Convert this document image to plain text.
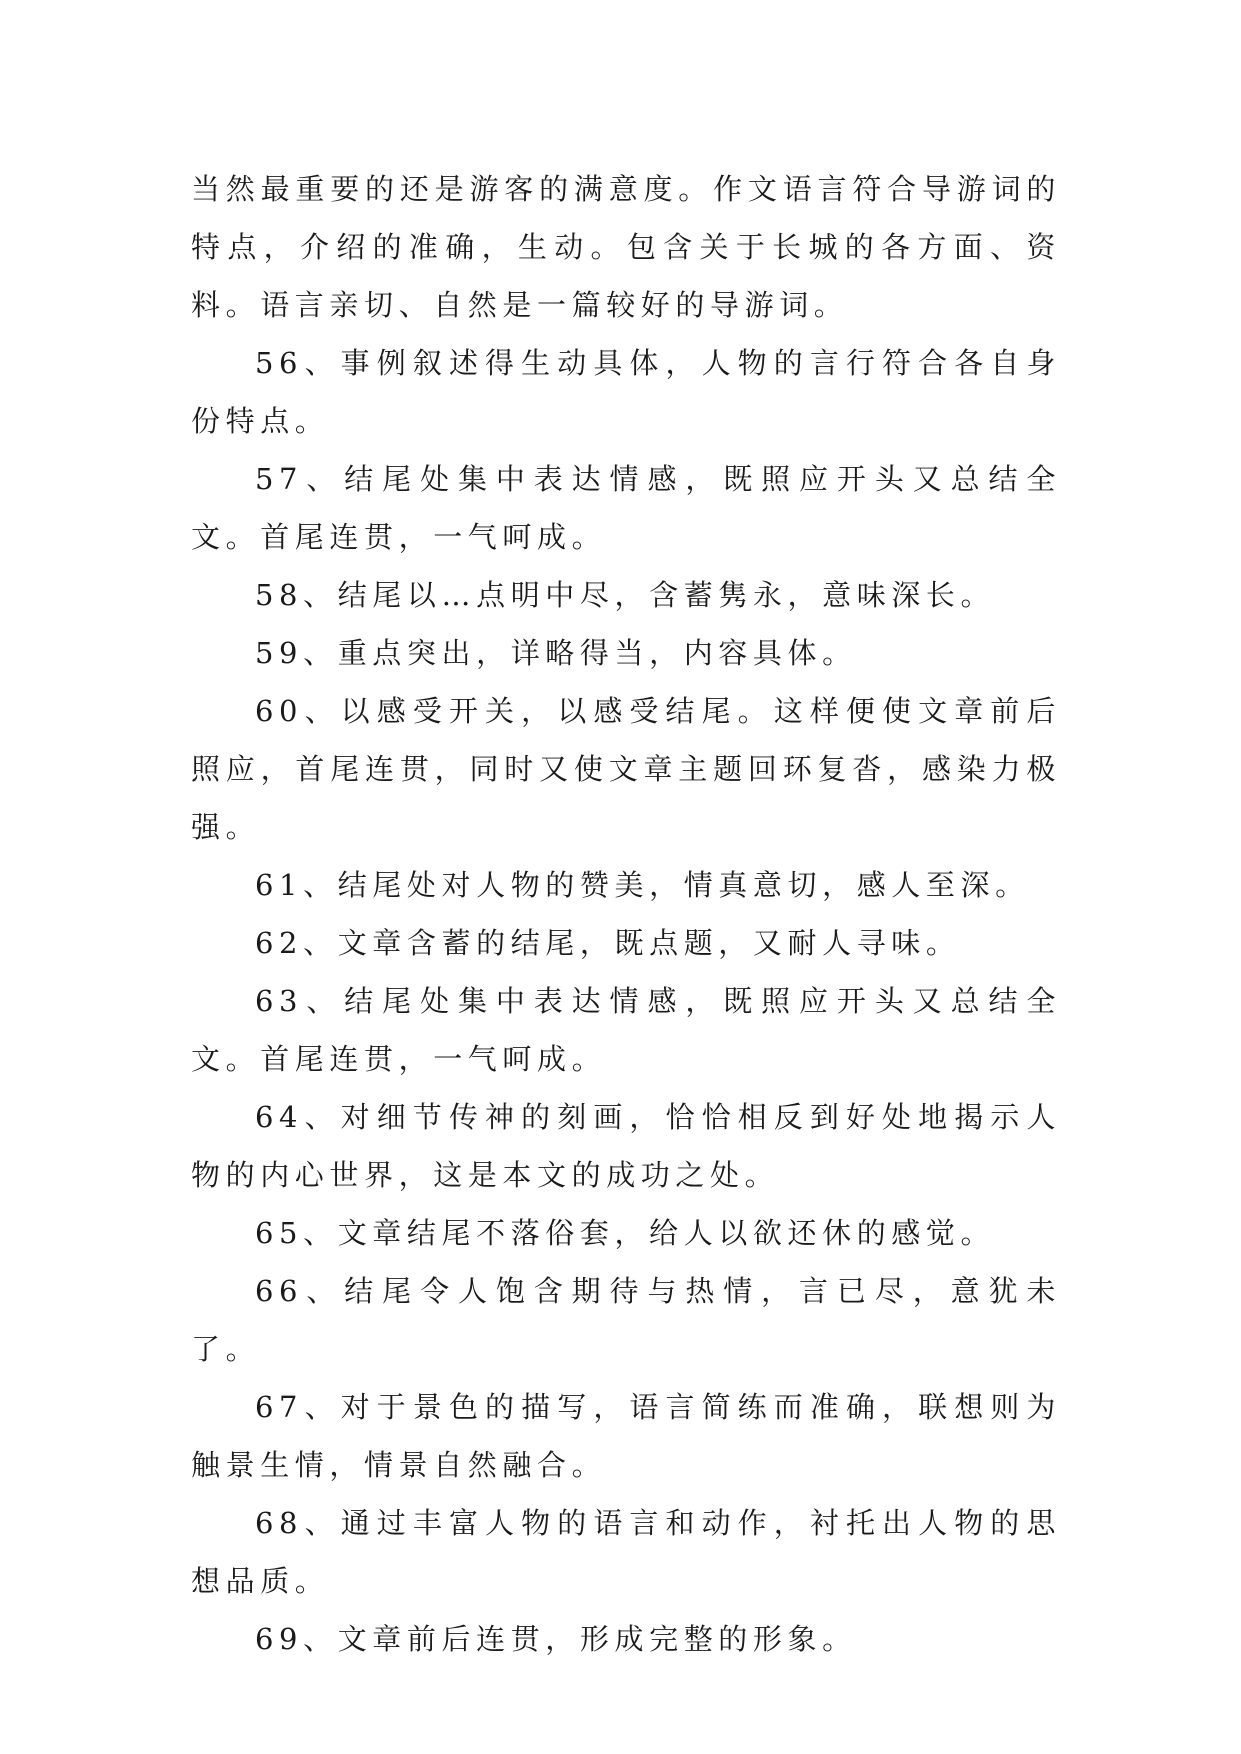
当然最重要的还是游客的满意度。作文语言符合导游词的特点，介绍的准确，生动。包含关于长城的各方面、资料。语言亲切、自然是一篇较好的导游词。

56、事例叙述得生动具体，人物的言行符合各自身份特点。

57、结尾处集中表达情感，既照应开头又总结全文。首尾连贯，一气呵成。

58、结尾以…点明中尽，含蓄隽永，意味深长。

59、重点突出，详略得当，内容具体。

60、以感受开关，以感受结尾。这样便使文章前后照应，首尾连贯，同时又使文章主题回环复沓，感染力极强。

61、结尾处对人物的赞美，情真意切，感人至深。

62、文章含蓄的结尾，既点题，又耐人寻味。

63、结尾处集中表达情感，既照应开头又总结全文。首尾连贯，一气呵成。

64、对细节传神的刻画，恰恰相反到好处地揭示人物的内心世界，这是本文的成功之处。

65、文章结尾不落俗套，给人以欲还休的感觉。

66、结尾令人饱含期待与热情，言已尽，意犹未了。

67、对于景色的描写，语言简练而准确，联想则为触景生情，情景自然融合。

68、通过丰富人物的语言和动作，衬托出人物的思想品质。

69、文章前后连贯，形成完整的形象。
